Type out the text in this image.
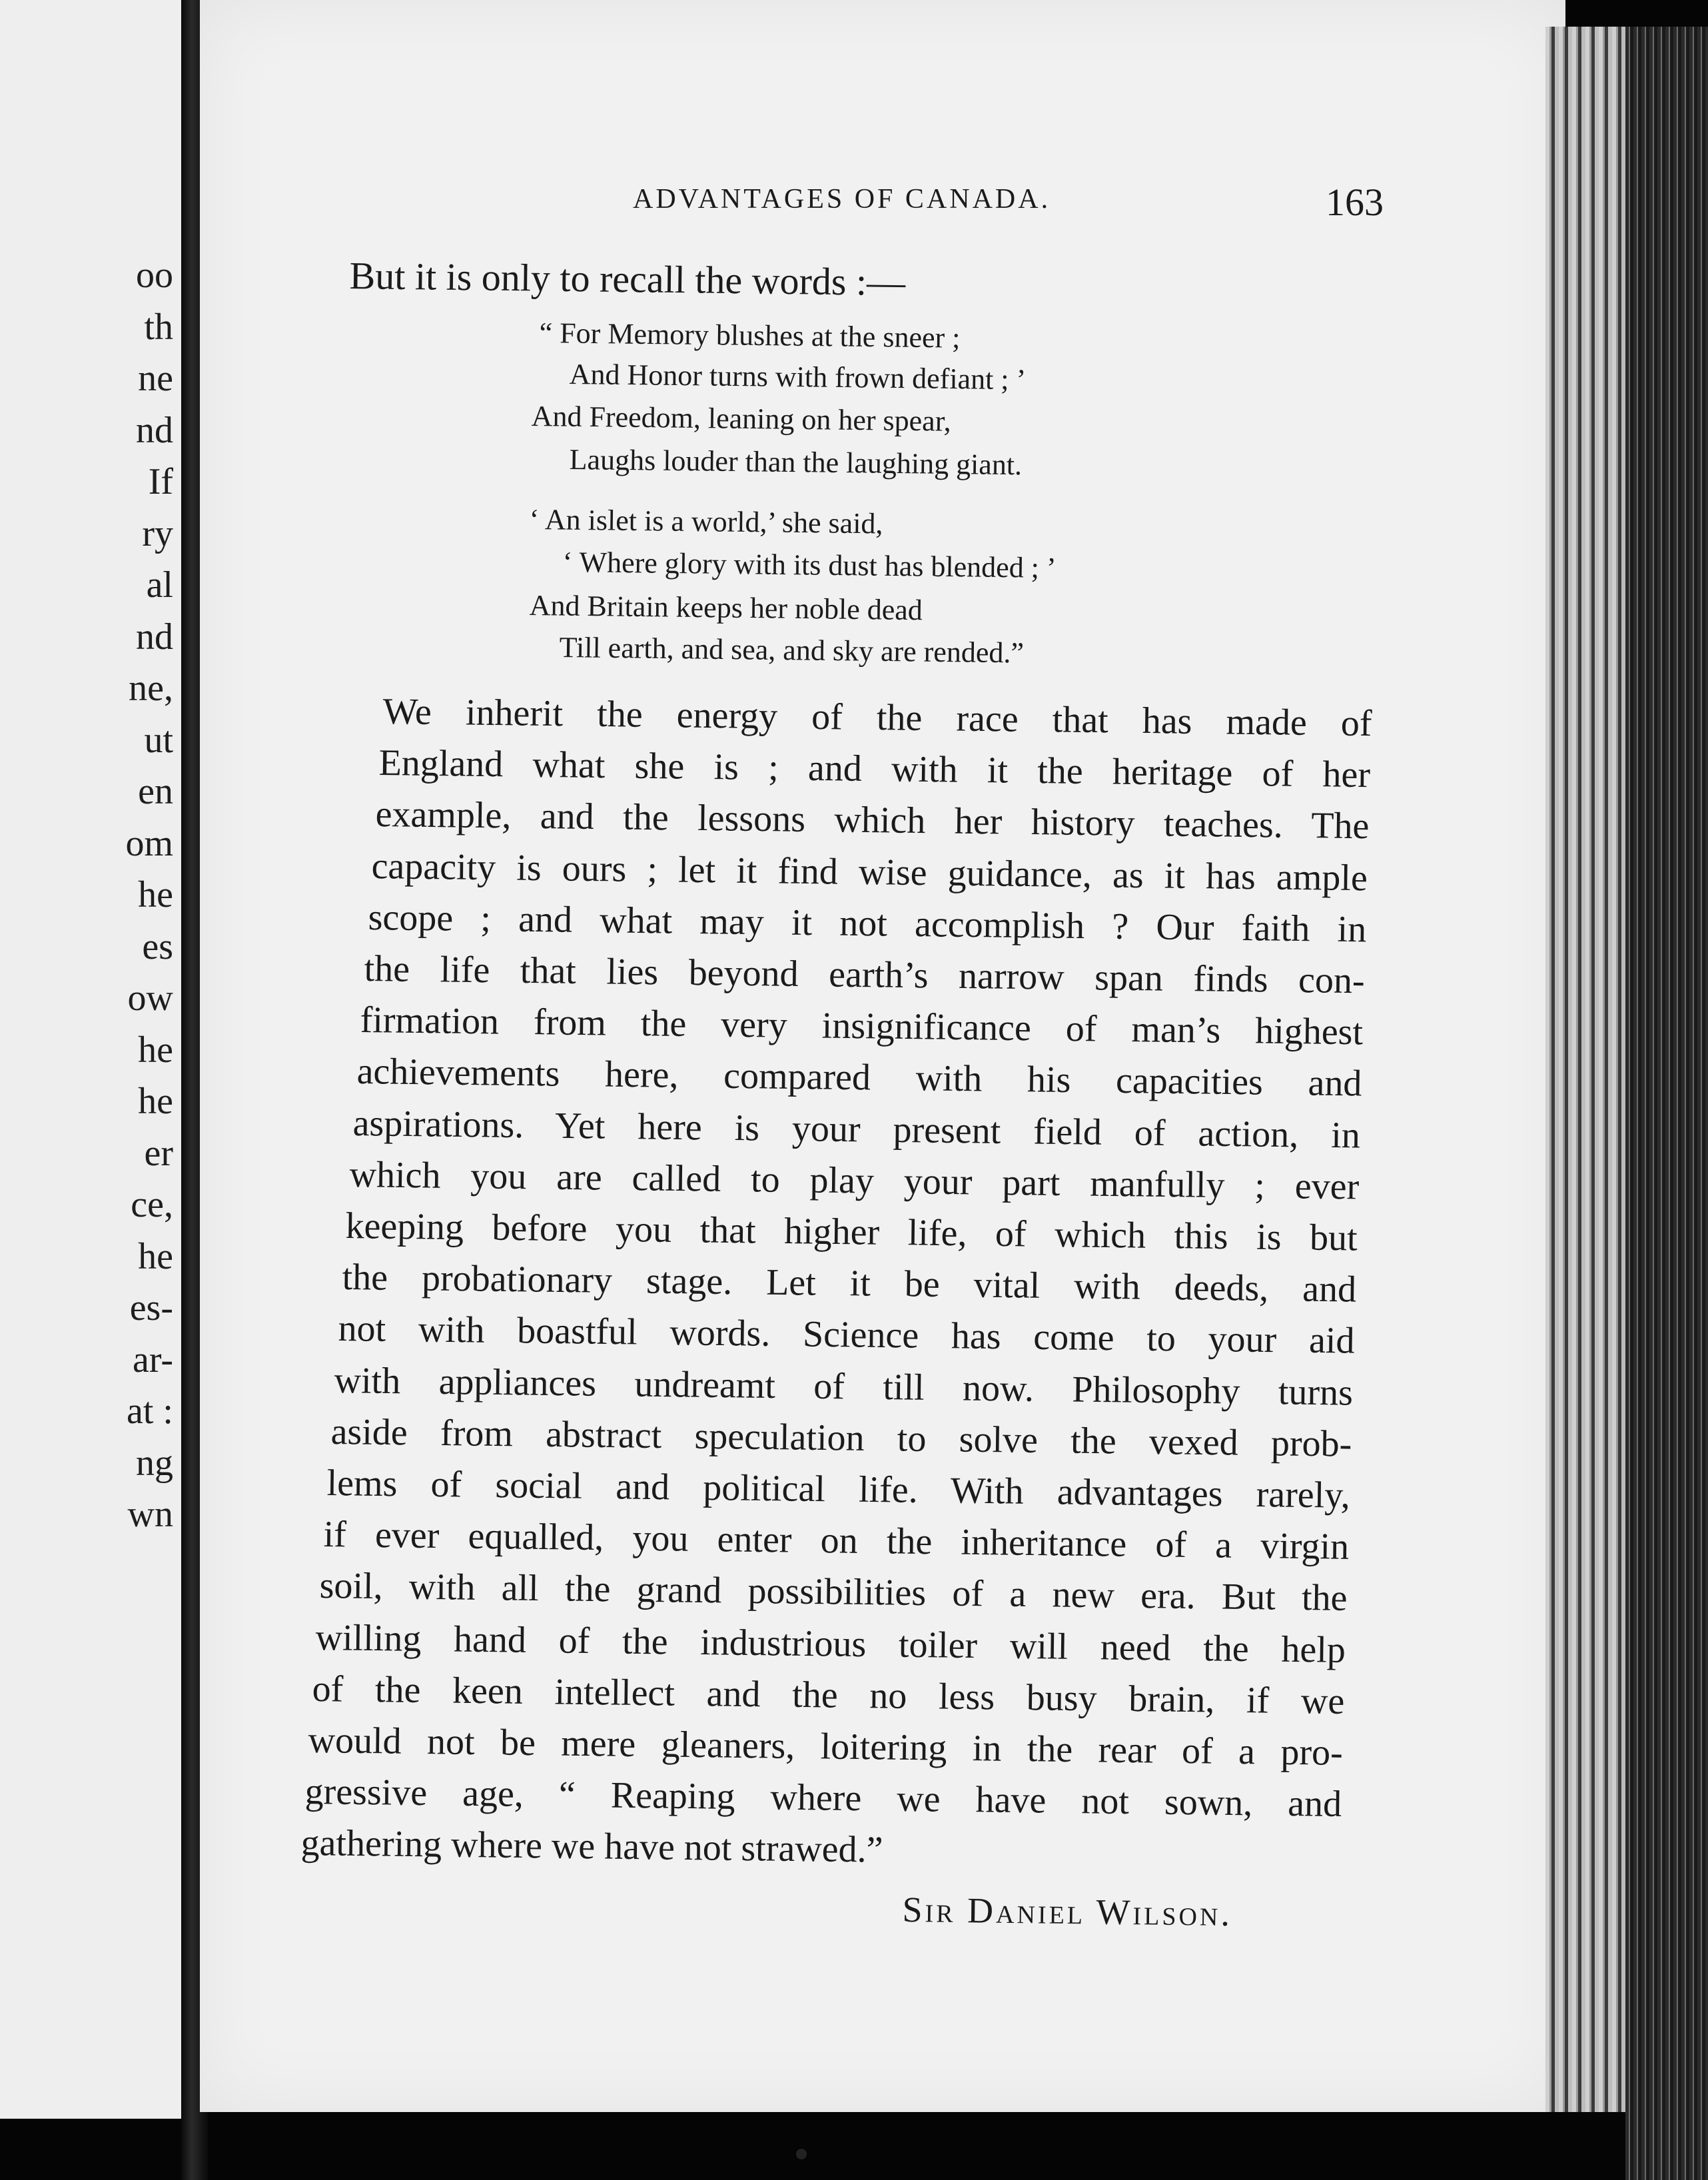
oo
th
ne
nd
If
ry
al
nd
ne,
ut
en
om
he
es
ow
he
he
er
ce,
he
es-
ar-
at :
ng
wn
ADVANTAGES OF CANADA.	163
But it is only to recall the words :—
“ For Memory blushes at the sneer ;
And Honor turns with frown defiant ; ’
And Freedom, leaning on her spear,
Laughs louder than the laughing giant.
‘ An islet is a world,’ she said,
‘ Where glory with its dust has blended ; ’
And Britain keeps her noble dead
Till earth, and sea, and sky are rended.”
We inherit the energy of the race that has made of
England what she is ; and with it the heritage of her
example, and the lessons which her history teaches. The
capacity is ours ; let it find wise guidance, as it has ample
scope ; and what may it not accomplish ? Our faith in
the life that lies beyond earth’s narrow span finds con-
firmation from the very insignificance of man’s highest
achievements here, compared with his capacities and
aspirations. Yet here is your present field of action, in
which you are called to play your part manfully ; ever
keeping before you that higher life, of which this is but
the probationary stage. Let it be vital with deeds, and
not with boastful words. Science has come to your aid
with appliances undreamt of till now. Philosophy turns
aside from abstract speculation to solve the vexed prob-
lems of social and political life. With advantages rarely,
if ever equalled, you enter on the inheritance of a virgin
soil, with all the grand possibilities of a new era. But the
willing hand of the industrious toiler will need the help
of the keen intellect and the no less busy brain, if we
would not be mere gleaners, loitering in the rear of a pro-
gressive age, “ Reaping where we have not sown, and
gathering where we have not strawed.”
Sir Daniel Wilson.
